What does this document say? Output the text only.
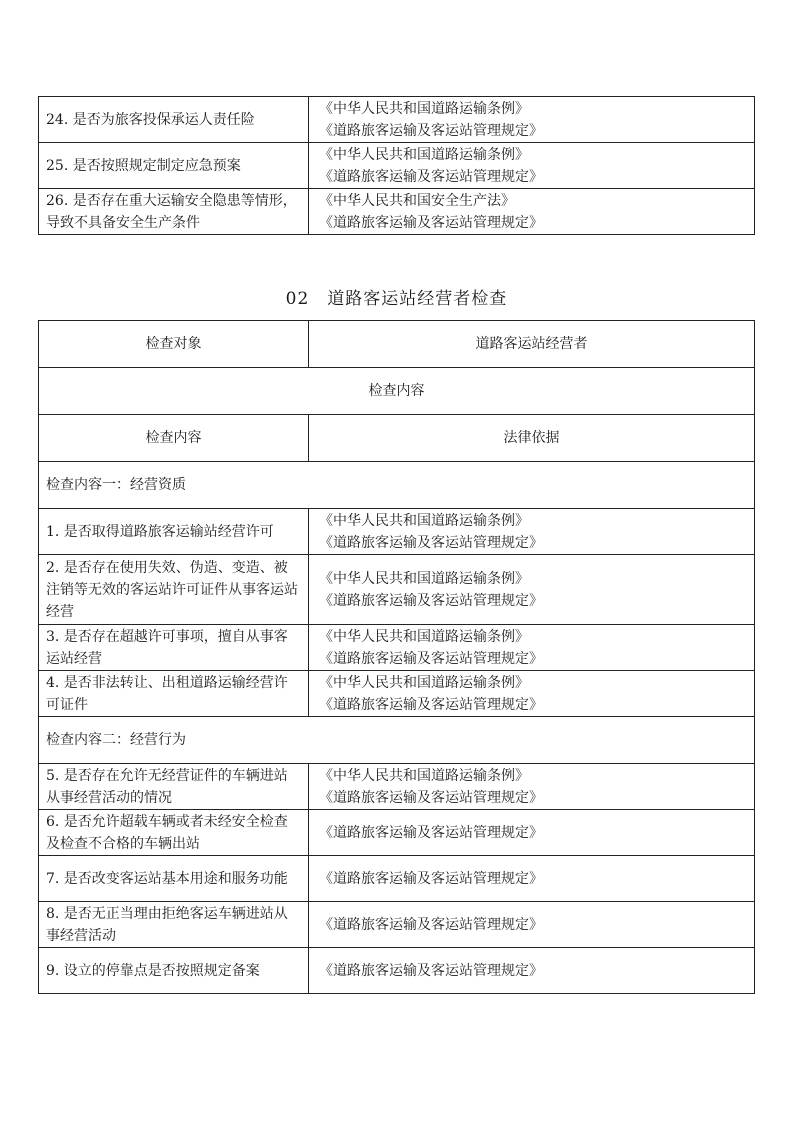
24. 是否为旅客投保承运人责任险	《中华人民共和国道路运输条例》
《道路旅客运输及客运站管理规定》

25. 是否按照规定制定应急预案	《中华人民共和国道路运输条例》
《道路旅客运输及客运站管理规定》

26. 是否存在重大运输安全隐患等情形，导致不具备安全生产条件	《中华人民共和国安全生产法》
《道路旅客运输及客运站管理规定》
02 道路客运站经营者检查
检查对象	道路客运站经营者
检查内容	
检查内容	法律依据
检查内容一：经营资质	
1. 是否取得道路旅客运输站经营许可	《中华人民共和国道路运输条例》
《道路旅客运输及客运站管理规定》

2. 是否存在使用失效、伪造、变造、被注销等无效的客运站许可证件从事客运站经营	《中华人民共和国道路运输条例》
《道路旅客运输及客运站管理规定》

3. 是否存在超越许可事项，擅自从事客运站经营	《中华人民共和国道路运输条例》
《道路旅客运输及客运站管理规定》

4. 是否非法转让、出租道路运输经营许可证件	《中华人民共和国道路运输条例》
《道路旅客运输及客运站管理规定》

检查内容二：经营行为	
5. 是否存在允许无经营证件的车辆进站从事经营活动的情况	《中华人民共和国道路运输条例》
《道路旅客运输及客运站管理规定》

6. 是否允许超载车辆或者未经安全检查及检查不合格的车辆出站	《道路旅客运输及客运站管理规定》

7. 是否改变客运站基本用途和服务功能	《道路旅客运输及客运站管理规定》

8. 是否无正当理由拒绝客运车辆进站从事经营活动	《道路旅客运输及客运站管理规定》

9. 设立的停靠点是否按照规定备案	《道路旅客运输及客运站管理规定》
